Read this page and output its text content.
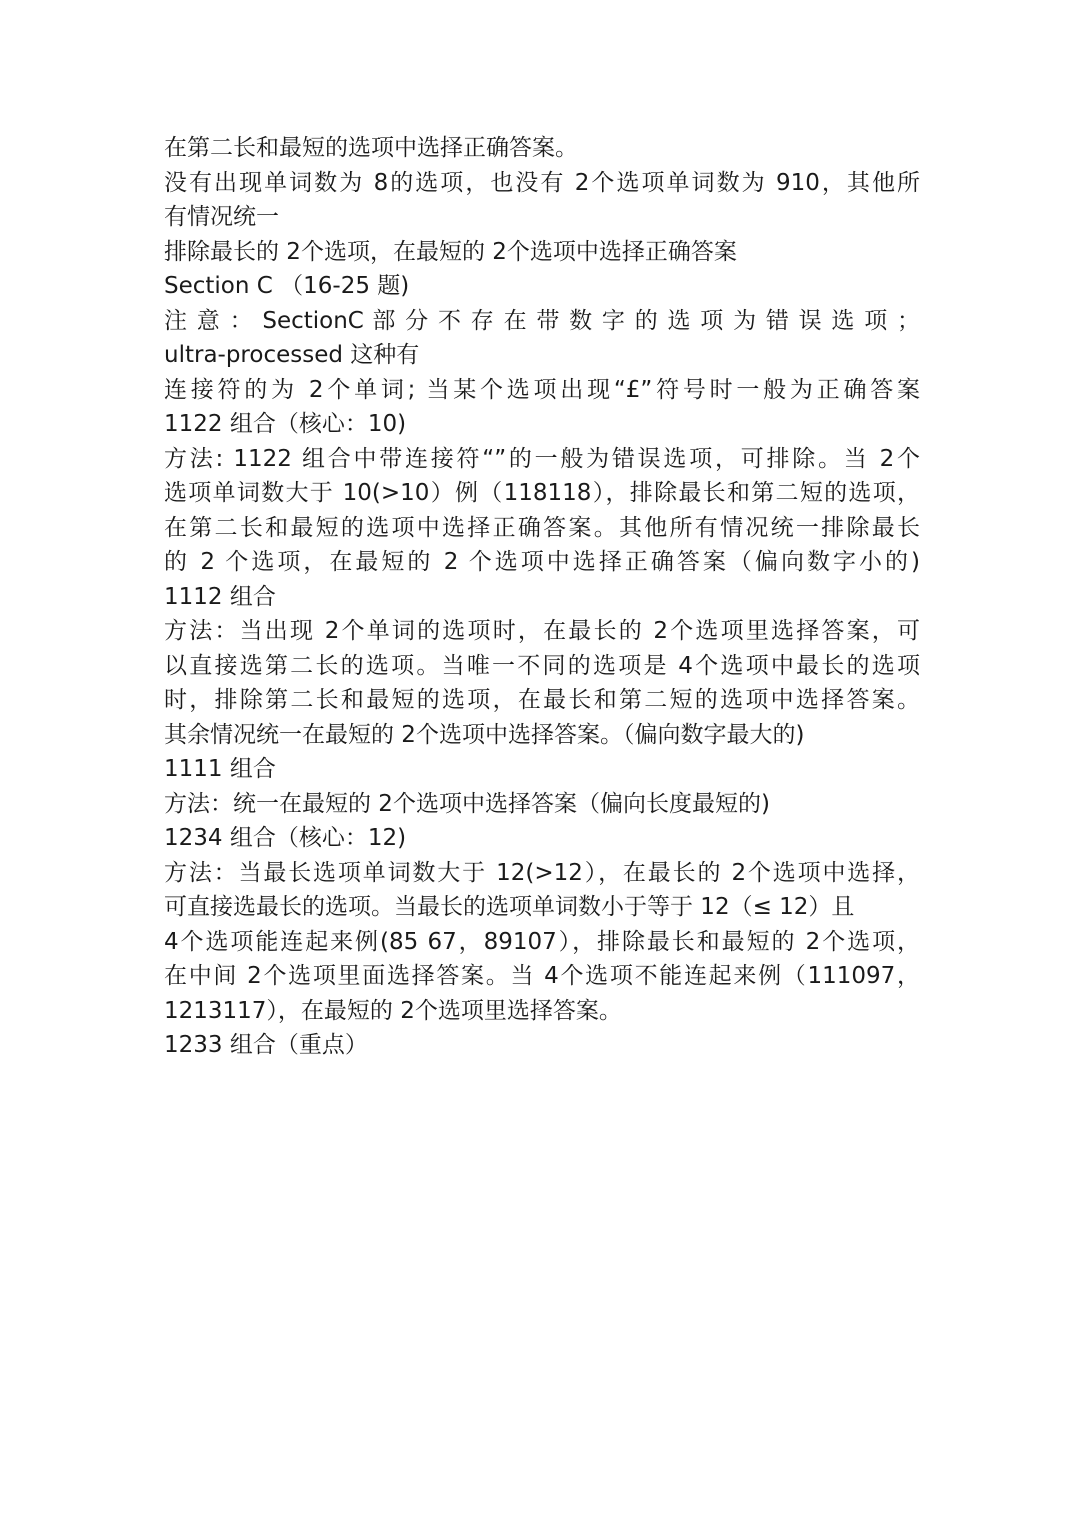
在第二长和最短的选项中选择正确答案。
没有出现单词数为 8的选项，也没有 2个选项单词数为 910，其他所
有情况统一
排除最长的 2个选项，在最短的 2个选项中选择正确答案
Section C （16-25 题)
注 意 ： SectionC 部 分 不 存 在 带 数 字 的 选 项 为 错 误 选 项 ；
ultra-processed 这种有
连接符的为 2个单词; 当某个选项出现“£”符号时一般为正确答案
1122 组合（核心：10)
方法: 1122 组合中带连接符“”的一般为错误选项，可排除。当 2个
选项单词数大于 10(>10）例（118118），排除最长和第二短的选项，
在第二长和最短的选项中选择正确答案。其他所有情况统一排除最长
的 2 个选项，在最短的 2 个选项中选择正确答案（偏向数字小的)
1112 组合
方法：当出现 2个单词的选项时，在最长的 2个选项里选择答案，可
以直接选第二长的选项。当唯一不同的选项是 4个选项中最长的选项
时，排除第二长和最短的选项，在最长和第二短的选项中选择答案。
其余情况统一在最短的 2个选项中选择答案。（偏向数字最大的)
1111 组合
方法：统一在最短的 2个选项中选择答案（偏向长度最短的)
1234 组合（核心：12)
方法：当最长选项单词数大于 12(>12），在最长的 2个选项中选择，
可直接选最长的选项。当最长的选项单词数小于等于 12（≤ 12）且
4个选项能连起来例(85 67，89107），排除最长和最短的 2个选项，
在中间 2个选项里面选择答案。当 4个选项不能连起来例（111097，
1213117），在最短的 2个选项里选择答案。
1233 组合（重点）
